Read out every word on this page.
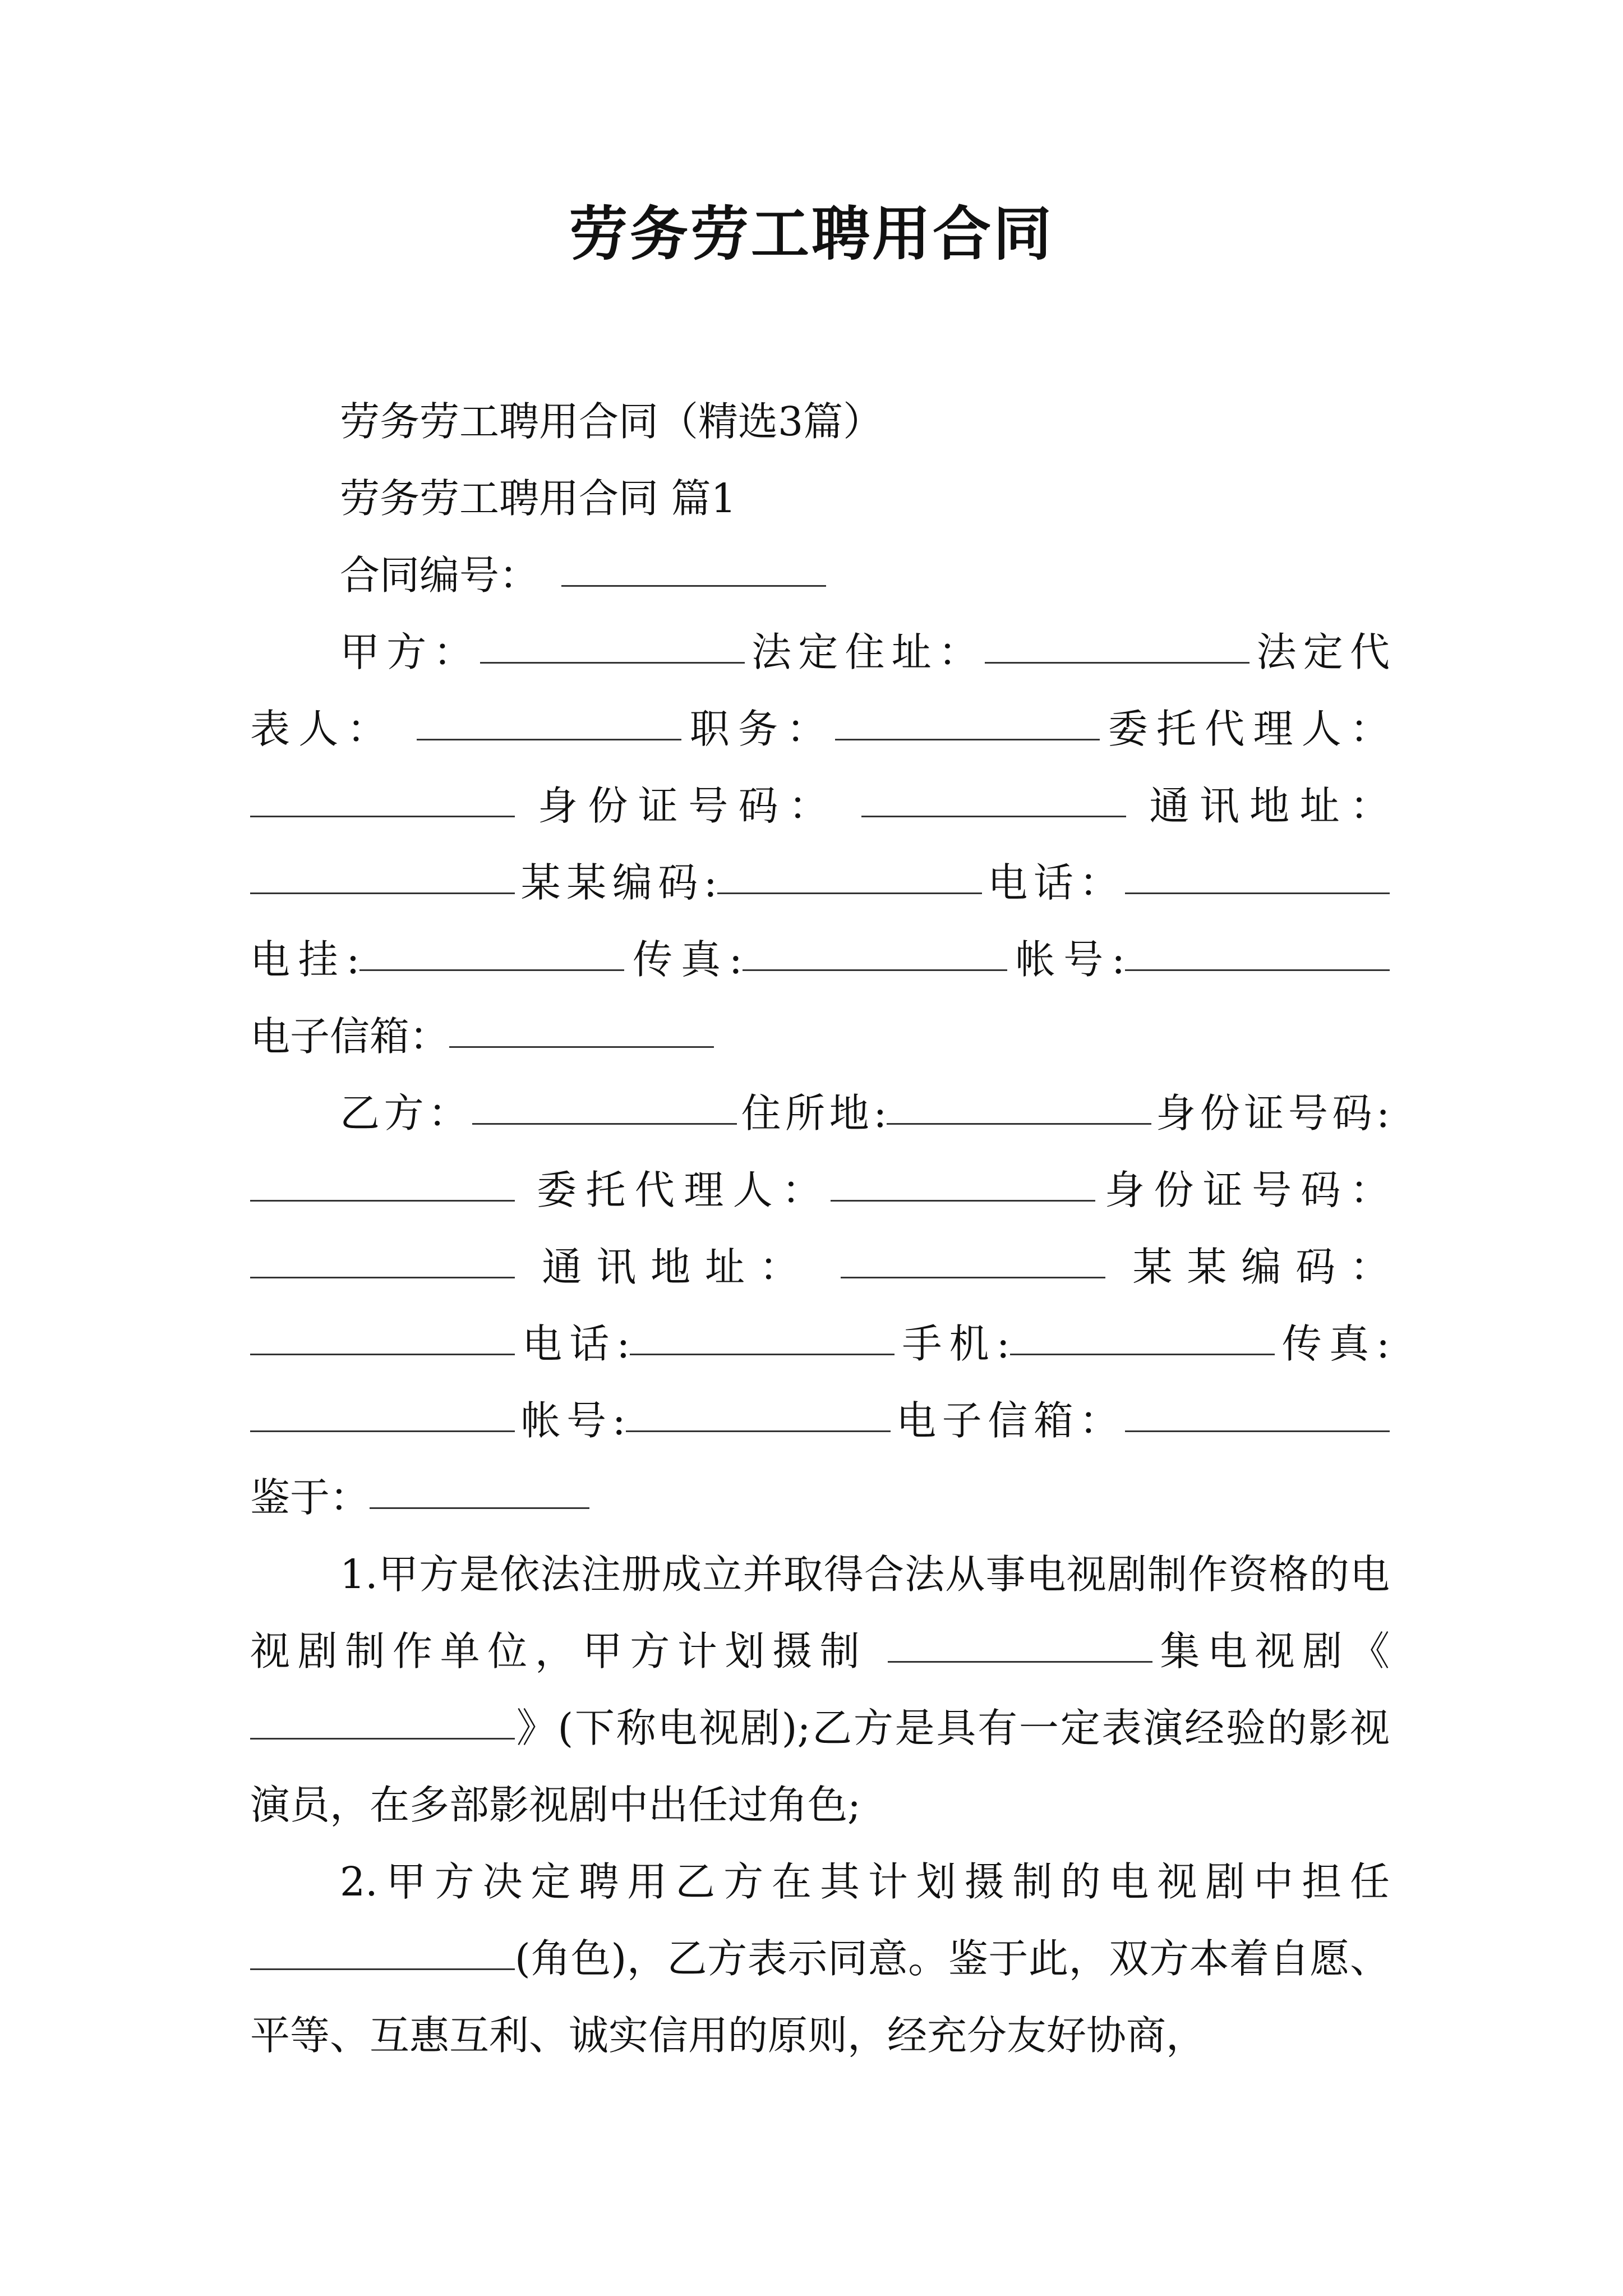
劳务劳工聘用合同

劳务劳工聘用合同（精选3篇）

劳务劳工聘用合同 篇1

合同编号：

甲方：	法定住址：	法定代

表人：	职务：	委托代理人：

身份证号码：	通讯地址：

某某编码:	电话：

电挂:	传真:	帐号:

电子信箱：

乙方：	住所地:	身份证号码:

委托代理人：	身份证号码：

通讯地址：	某某编码：

电话:	手机:	传真:

帐号:	电子信箱：

鉴于：

1.甲方是依法注册成立并取得合法从事电视剧制作资格的电视剧制作单位，甲方计划摄制	集电视剧《 》(下称电视剧);乙方是具有一定表演经验的影视演员，在多部影视剧中出任过角色;

2.甲方决定聘用乙方在其计划摄制的电视剧中担任(角色)，乙方表示同意。鉴于此，双方本着自愿、平等、互惠互利、诚实信用的原则，经充分友好协商，
